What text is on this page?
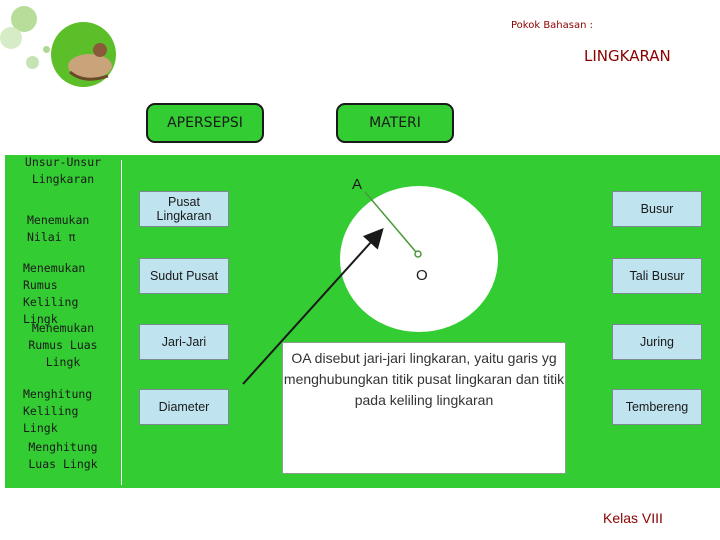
Pokok Bahasan :
LINGKARAN
APERSEPSI	MATERI
Unsur-Unsur Lingkaran
Menemukan Nilai π
Menemukan Rumus Keliling Lingk
Menemukan Rumus Luas Lingk
Menghitung Keliling Lingk
Menghitung Luas Lingk
Pusat Lingkaran
Sudut Pusat
Jari-Jari
Diameter
Busur
Tali Busur
Juring
Tembereng
A
O
OA disebut jari-jari lingkaran, yaitu garis yg menghubungkan titik pusat lingkaran dan titik pada keliling lingkaran
Kelas VIII
